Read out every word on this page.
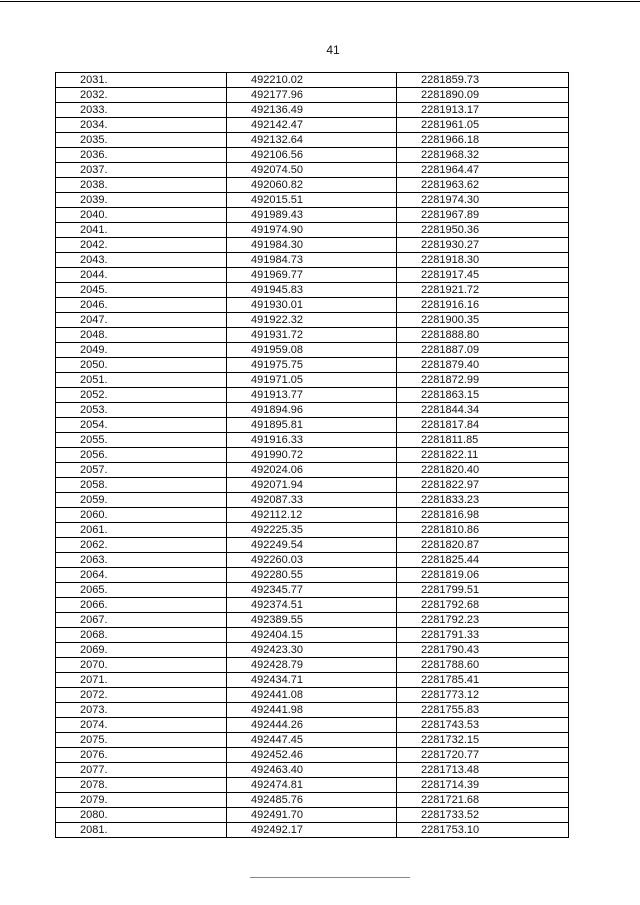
41
2031.	492210.02	2281859.73
2032.	492177.96	2281890.09
2033.	492136.49	2281913.17
2034.	492142.47	2281961.05
2035.	492132.64	2281966.18
2036.	492106.56	2281968.32
2037.	492074.50	2281964.47
2038.	492060.82	2281963.62
2039.	492015.51	2281974.30
2040.	491989.43	2281967.89
2041.	491974.90	2281950.36
2042.	491984.30	2281930.27
2043.	491984.73	2281918.30
2044.	491969.77	2281917.45
2045.	491945.83	2281921.72
2046.	491930.01	2281916.16
2047.	491922.32	2281900.35
2048.	491931.72	2281888.80
2049.	491959.08	2281887.09
2050.	491975.75	2281879.40
2051.	491971.05	2281872.99
2052.	491913.77	2281863.15
2053.	491894.96	2281844.34
2054.	491895.81	2281817.84
2055.	491916.33	2281811.85
2056.	491990.72	2281822.11
2057.	492024.06	2281820.40
2058.	492071.94	2281822.97
2059.	492087.33	2281833.23
2060.	492112.12	2281816.98
2061.	492225.35	2281810.86
2062.	492249.54	2281820.87
2063.	492260.03	2281825.44
2064.	492280.55	2281819.06
2065.	492345.77	2281799.51
2066.	492374.51	2281792.68
2067.	492389.55	2281792.23
2068.	492404.15	2281791.33
2069.	492423.30	2281790.43
2070.	492428.79	2281788.60
2071.	492434.71	2281785.41
2072.	492441.08	2281773.12
2073.	492441.98	2281755.83
2074.	492444.26	2281743.53
2075.	492447.45	2281732.15
2076.	492452.46	2281720.77
2077.	492463.40	2281713.48
2078.	492474.81	2281714.39
2079.	492485.76	2281721.68
2080.	492491.70	2281733.52
2081.	492492.17	2281753.10
